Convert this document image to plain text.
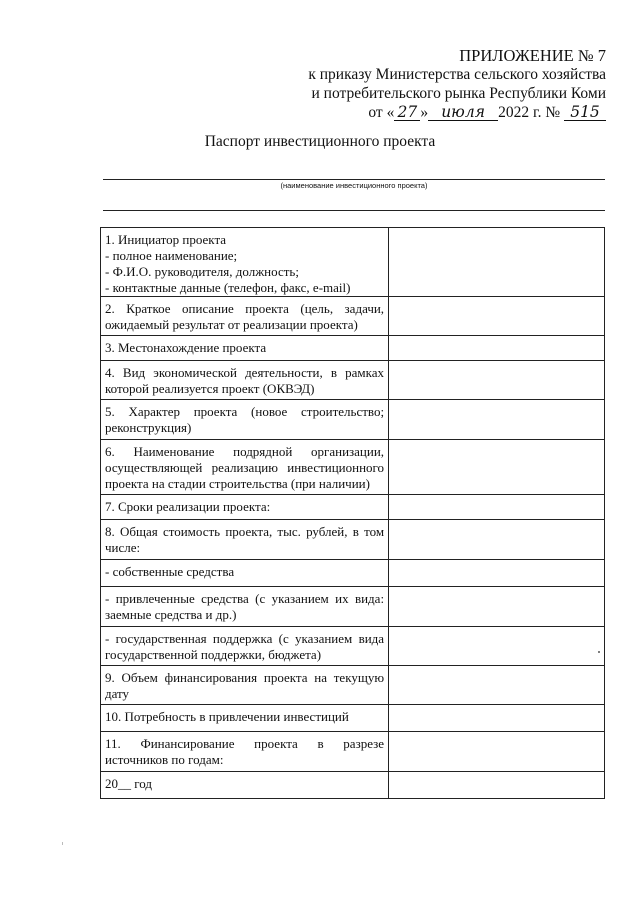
ПРИЛОЖЕНИЕ № 7
к приказу Министерства сельского хозяйства
и потребительского рынка Республики Коми
от « 27 » июля 2022 г. № 515
Паспорт инвестиционного проекта
(наименование инвестиционного проекта)
1. Инициатор проекта
- полное наименование;
- Ф.И.О. руководителя, должность;
- контактные данные (телефон, факс, e-mail)	

2. Краткое описание проекта (цель, задачи, ожидаемый результат от реализации проекта)	
3. Местонахождение проекта	
4. Вид экономической деятельности, в рамках которой реализуется проект (ОКВЭД)	
5. Характер проекта (новое строительство; реконструкция)	
6. Наименование подрядной организации, осуществляющей реализацию инвестиционного проекта на стадии строительства (при наличии)	
7. Сроки реализации проекта:	
8. Общая стоимость проекта, тыс. рублей, в том числе:	
- собственные средства	
- привлеченные средства (с указанием их вида: заемные средства и др.)	
- государственная поддержка (с указанием вида государственной поддержки, бюджета)	
9. Объем финансирования проекта на текущую дату	
10. Потребность в привлечении инвестиций	
11. Финансирование проекта в разрезе источников по годам:	
20__ год	
